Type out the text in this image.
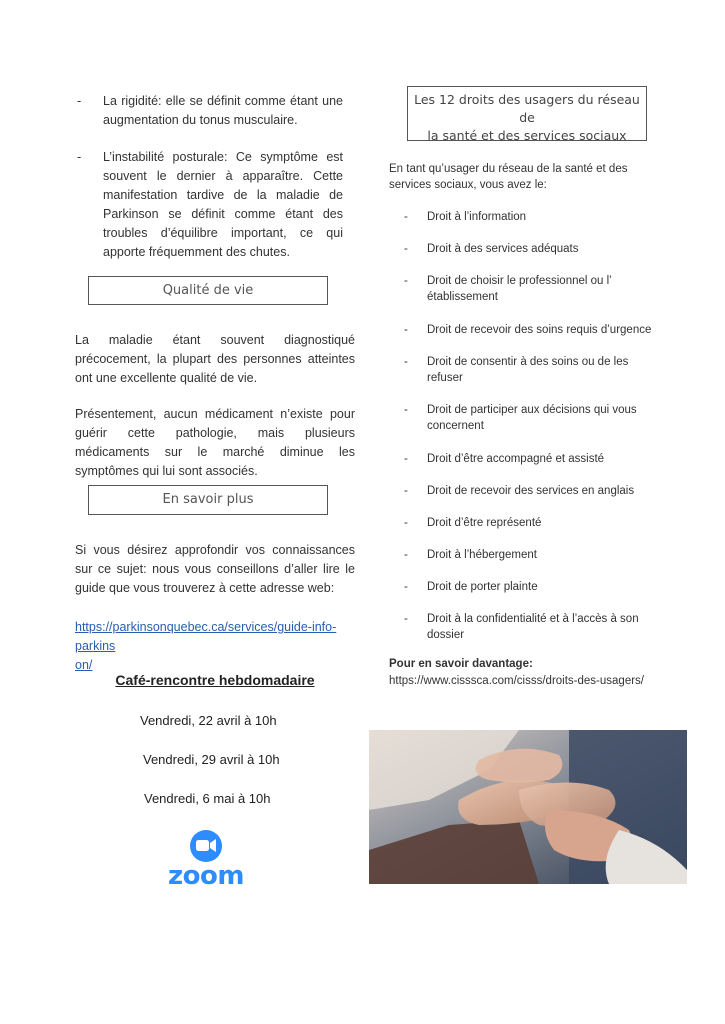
- La rigidité: elle se définit comme étant une augmentation du tonus musculaire.
- L’instabilité posturale: Ce symptôme est souvent le dernier à apparaître. Cette manifestation tardive de la maladie de Parkinson se définit comme étant des troubles d’équilibre important, ce qui apporte fréquemment des chutes.
Qualité de vie
La maladie étant souvent diagnostiqué précocement, la plupart des personnes atteintes ont une excellente qualité de vie.
Présentement, aucun médicament n’existe pour guérir cette pathologie, mais plusieurs médicaments sur le marché diminue les symptômes qui lui sont associés.
En savoir plus
Si vous désirez approfondir vos connaissances sur ce sujet: nous vous conseillons d’aller lire le guide que vous trouverez à cette adresse web:
https://parkinsonquebec.ca/services/guide-info-parkins
on/
Café-rencontre hebdomadaire
Vendredi, 22 avril à 10h
Vendredi, 29 avril à 10h
Vendredi, 6 mai à 10h
zoom
Les 12 droits des usagers du réseau de
la santé et des services sociaux
En tant qu’usager du réseau de la santé et des services sociaux, vous avez le:
- Droit à l’information
- Droit à des services adéquats
- Droit de choisir le professionnel ou l’ établissement
- Droit de recevoir des soins requis d’urgence
- Droit de consentir à des soins ou de les refuser
- Droit de participer aux décisions qui vous concernent
- Droit d’être accompagné et assisté
- Droit de recevoir des services en anglais
- Droit d’être représenté
- Droit à l’hébergement
- Droit de porter plainte
- Droit à la confidentialité et à l’accès à son dossier
Pour en savoir davantage:
https://www.cisssca.com/cisss/droits-des-usagers/
